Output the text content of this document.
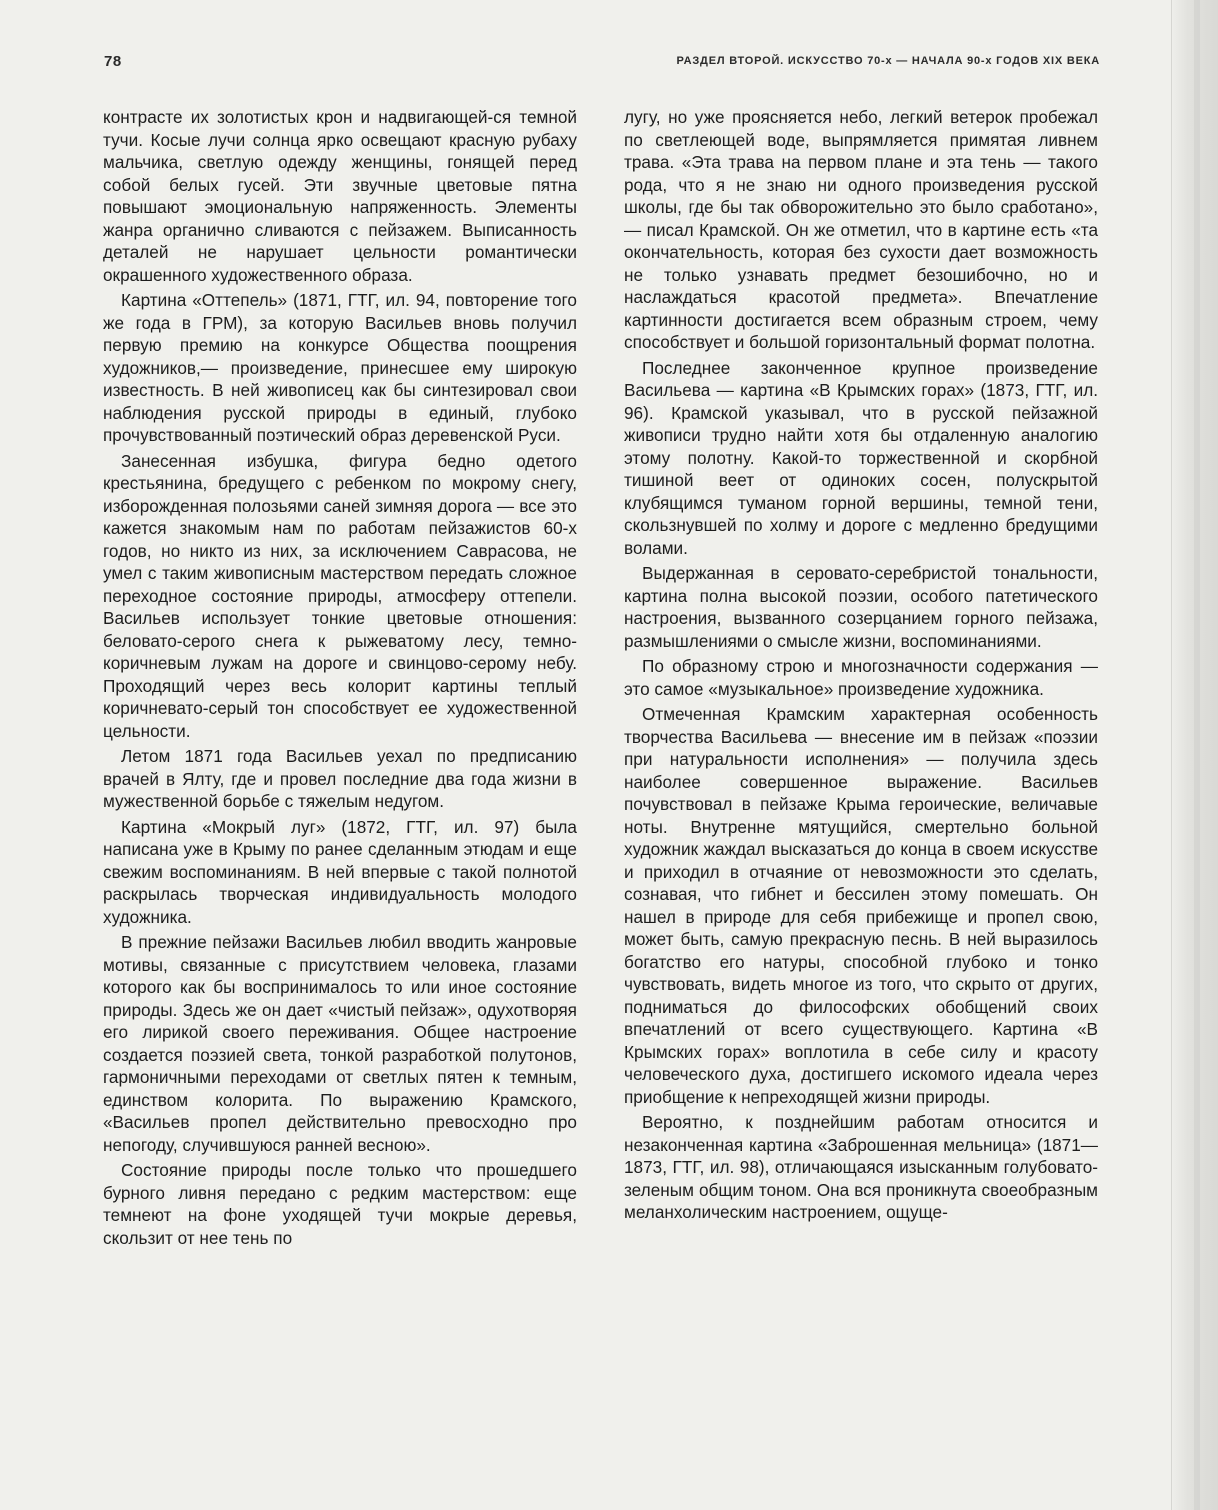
78	РАЗДЕЛ ВТОРОЙ. ИСКУССТВО 70-х — НАЧАЛА 90-х ГОДОВ XIX ВЕКА

контрасте их золотистых крон и надвигающей-ся темной тучи. Косые лучи солнца ярко освещают красную рубаху мальчика, светлую одежду женщины, гонящей перед собой белых гусей. Эти звучные цветовые пятна повышают эмоциональную напряженность. Элементы жанра органично сливаются с пейзажем. Выписанность деталей не нарушает цельности романтически окрашенного художественного образа.

Картина «Оттепель» (1871, ГТГ, ил. 94, повторение того же года в ГРМ), за которую Васильев вновь получил первую премию на конкурсе Общества поощрения художников,— произведение, принесшее ему широкую известность. В ней живописец как бы синтезировал свои наблюдения русской природы в единый, глубоко прочувствованный поэтический образ деревенской Руси.

Занесенная избушка, фигура бедно одетого крестьянина, бредущего с ребенком по мокрому снегу, изборожденная полозьями саней зимняя дорога — все это кажется знакомым нам по работам пейзажистов 60-х годов, но никто из них, за исключением Саврасова, не умел с таким живописным мастерством передать сложное переходное состояние природы, атмосферу оттепели. Васильев использует тонкие цветовые отношения: беловато-серого снега к рыжеватому лесу, темно-коричневым лужам на дороге и свинцово-серому небу. Проходящий через весь колорит картины теплый коричневато-серый тон способствует ее художественной цельности.

Летом 1871 года Васильев уехал по предписанию врачей в Ялту, где и провел последние два года жизни в мужественной борьбе с тяжелым недугом.

Картина «Мокрый луг» (1872, ГТГ, ил. 97) была написана уже в Крыму по ранее сделанным этюдам и еще свежим воспоминаниям. В ней впервые с такой полнотой раскрылась творческая индивидуальность молодого художника.

В прежние пейзажи Васильев любил вводить жанровые мотивы, связанные с присутствием человека, глазами которого как бы воспринималось то или иное состояние природы. Здесь же он дает «чистый пейзаж», одухотворяя его лирикой своего переживания. Общее настроение создается поэзией света, тонкой разработкой полутонов, гармоничными переходами от светлых пятен к темным, единством колорита. По выражению Крамского, «Васильев пропел действительно превосходно про непогоду, случившуюся ранней весною».

Состояние природы после только что прошедшего бурного ливня передано с редким мастерством: еще темнеют на фоне уходящей тучи мокрые деревья, скользит от нее тень по

лугу, но уже проясняется небо, легкий ветерок пробежал по светлеющей воде, выпрямляется примятая ливнем трава. «Эта трава на первом плане и эта тень — такого рода, что я не знаю ни одного произведения русской школы, где бы так обворожительно это было сработано»,— писал Крамской. Он же отметил, что в картине есть «та окончательность, которая без сухости дает возможность не только узнавать предмет безошибочно, но и наслаждаться красотой предмета». Впечатление картинности достигается всем образным строем, чему способствует и большой горизонтальный формат полотна.

Последнее законченное крупное произведение Васильева — картина «В Крымских горах» (1873, ГТГ, ил. 96). Крамской указывал, что в русской пейзажной живописи трудно найти хотя бы отдаленную аналогию этому полотну. Какой-то торжественной и скорбной тишиной веет от одиноких сосен, полускрытой клубящимся туманом горной вершины, темной тени, скользнувшей по холму и дороге с медленно бредущими волами.

Выдержанная в серовато-серебристой тональности, картина полна высокой поэзии, особого патетического настроения, вызванного созерцанием горного пейзажа, размышлениями о смысле жизни, воспоминаниями.

По образному строю и многозначности содержания — это самое «музыкальное» произведение художника.

Отмеченная Крамским характерная особенность творчества Васильева — внесение им в пейзаж «поэзии при натуральности исполнения» — получила здесь наиболее совершенное выражение. Васильев почувствовал в пейзаже Крыма героические, величавые ноты. Внутренне мятущийся, смертельно больной художник жаждал высказаться до конца в своем искусстве и приходил в отчаяние от невозможности это сделать, сознавая, что гибнет и бессилен этому помешать. Он нашел в природе для себя прибежище и пропел свою, может быть, самую прекрасную песнь. В ней выразилось богатство его натуры, способной глубоко и тонко чувствовать, видеть многое из того, что скрыто от других, подниматься до философских обобщений своих впечатлений от всего существующего. Картина «В Крымских горах» воплотила в себе силу и красоту человеческого духа, достигшего искомого идеала через приобщение к непреходящей жизни природы.

Вероятно, к позднейшим работам относится и незаконченная картина «Заброшенная мельница» (1871—1873, ГТГ, ил. 98), отличающаяся изысканным голубовато-зеленым общим тоном. Она вся проникнута своеобразным меланхолическим настроением, ощуще-
